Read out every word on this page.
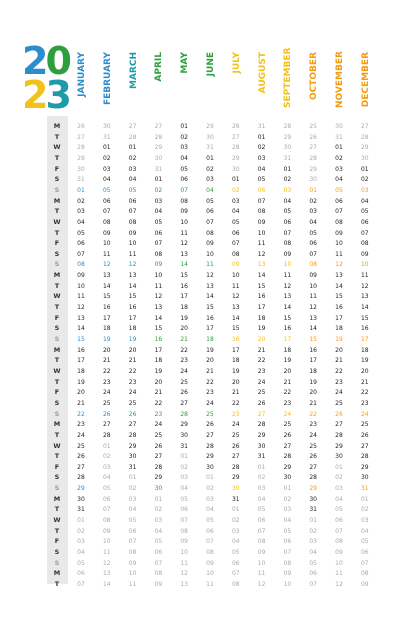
20
23 JANUARY FEBRUARY MARCH APRIL MAY JUNE JULY AUGUST SEPTEMBER OCTOBER NOVEMBER DECEMBER
M
T
W
T
F
S
S
M
T
W
T
F
S
S
M
T
W
T
F
S
S
M
T
W
T
F
S
S
M
T
W
T
F
S
S
M
T
W
T
F
S
S
M
T
26
27
28
29
30
31
01
02
03
04
05
06
07
08
09
10
11
12
13
14
15
16
17
18
19
20
21
22
23
24
25
26
27
28
29
30
31
01
02
03
04
05
06
07
30
31
01
02
03
04
05
06
07
08
09
10
11
12
13
14
15
16
17
18
19
20
21
22
23
24
25
26
27
28
01
02
03
04
05
06
07
08
09
10
11
12
13
14
27
28
01
02
03
04
05
06
07
08
09
10
11
12
13
14
15
16
17
18
19
20
21
22
23
24
25
26
27
28
29
30
31
01
02
03
04
05
06
07
08
09
10
11
27
28
29
30
31
01
02
03
04
05
06
07
08
09
10
11
12
13
14
15
16
17
18
19
20
21
22
23
24
25
26
27
28
29
30
01
02
03
04
05
06
07
08
09
01
02
03
04
05
06
07
08
09
10
11
12
13
14
15
16
17
18
19
20
21
22
23
24
25
26
27
28
29
30
31
01
02
03
04
05
06
07
08
09
10
11
12
13
29
30
31
01
02
03
04
05
06
07
08
09
10
11
12
13
14
15
16
17
18
19
20
21
22
23
24
25
26
27
28
29
30
01
02
03
04
05
06
07
08
09
10
11
26
27
28
29
30
01
02
03
04
05
06
07
08
09
10
11
12
13
14
15
16
17
18
19
20
21
22
23
24
25
26
27
28
29
30
31
01
02
03
04
05
06
07
08
31
01
02
03
04
05
06
07
08
09
10
11
12
13
14
15
16
17
18
19
20
21
22
23
24
25
26
27
28
29
30
31
01
02
03
04
05
06
07
08
09
10
11
12
28
29
30
31
01
02
03
04
05
06
07
08
09
10
11
12
13
14
15
16
17
18
19
20
21
22
23
24
25
26
27
28
29
30
01
02
03
04
05
06
07
08
09
10
25
26
27
28
29
30
01
02
03
04
05
06
07
08
09
10
11
12
13
14
15
16
17
18
19
20
21
22
23
24
25
26
27
28
29
30
31
01
02
03
04
05
06
07
30
31
01
02
03
04
05
06
07
08
09
10
11
12
13
14
15
16
17
18
19
20
21
22
23
24
25
26
27
28
29
30
01
02
03
04
05
06
07
08
09
10
11
12
27
28
29
30
01
02
03
04
05
06
07
08
09
10
11
12
13
14
15
16
17
18
19
20
21
22
23
24
25
26
27
28
29
30
31
01
02
03
04
05
06
07
08
09
